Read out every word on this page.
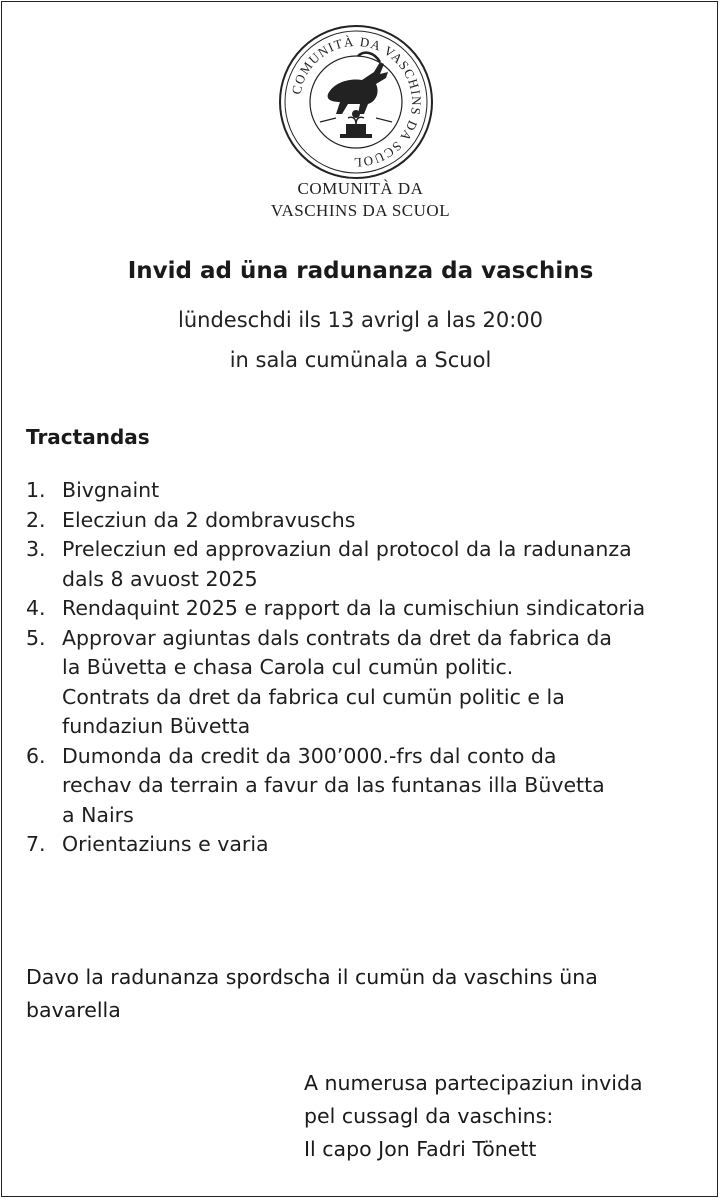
COMUNITÀ DA VASCHINS DA SCUOL
COMUNITÀ DA
VASCHINS DA SCUOL
Invid ad üna radunanza da vaschins
lündeschdi ils 13 avrigl a las 20:00
in sala cumünala a Scuol
Tractandas
1. Bivgnaint
2. Elecziun da 2 dombravuschs
3. Prelecziun ed approvaziun dal protocol da la radunanza
dals 8 avuost 2025
4. Rendaquint 2025 e rapport da la cumischiun sindicatoria
5. Approvar agiuntas dals contrats da dret da fabrica da
la Büvetta e chasa Carola cul cumün politic.
Contrats da dret da fabrica cul cumün politic e la
fundaziun Büvetta
6. Dumonda da credit da 300’000.-frs dal conto da
rechav da terrain a favur da las funtanas illa Büvetta
a Nairs
7. Orientaziuns e varia
Davo la radunanza spordscha il cumün da vaschins üna
bavarella
A numerusa partecipaziun invida
pel cussagl da vaschins:
Il capo Jon Fadri Tönett
